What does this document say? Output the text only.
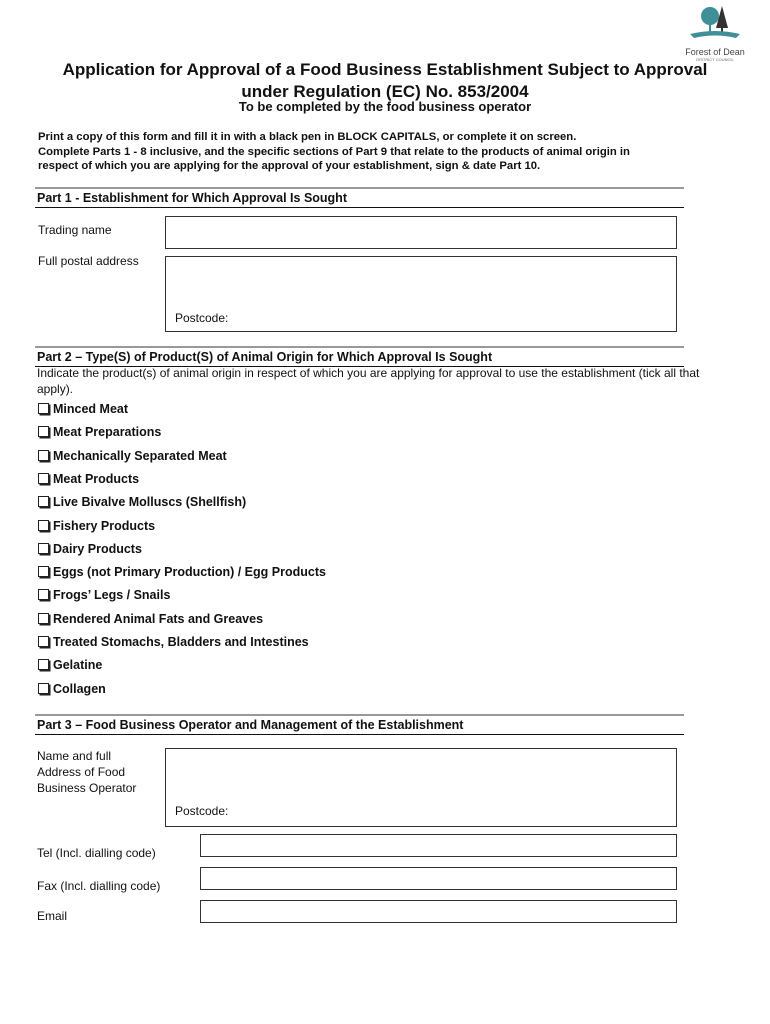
Forest of Dean
DISTRICT COUNCIL
Application for Approval of a Food Business Establishment Subject to Approval
under Regulation (EC) No. 853/2004
To be completed by the food business operator
Print a copy of this form and fill it in with a black pen in BLOCK CAPITALS, or complete it on screen.
Complete Parts 1 - 8 inclusive, and the specific sections of Part 9 that relate to the products of animal origin in
respect of which you are applying for the approval of your establishment, sign & date Part 10.
Part 1 - Establishment for Which Approval Is Sought
Trading name
Full postal address
Postcode:
Part 2 – Type(S) of Product(S) of Animal Origin for Which Approval Is Sought
Indicate the product(s) of animal origin in respect of which you are applying for approval to use the establishment (tick all that apply).
Minced Meat
Meat Preparations
Mechanically Separated Meat
Meat Products
Live Bivalve Molluscs (Shellfish)
Fishery Products
Dairy Products
Eggs (not Primary Production) / Egg Products
Frogs’ Legs / Snails
Rendered Animal Fats and Greaves
Treated Stomachs, Bladders and Intestines
Gelatine
Collagen
Part 3 – Food Business Operator and Management of the Establishment
Name and full
Address of Food
Business Operator
Postcode:
Tel (Incl. dialling code)
Fax (Incl. dialling code)
Email
